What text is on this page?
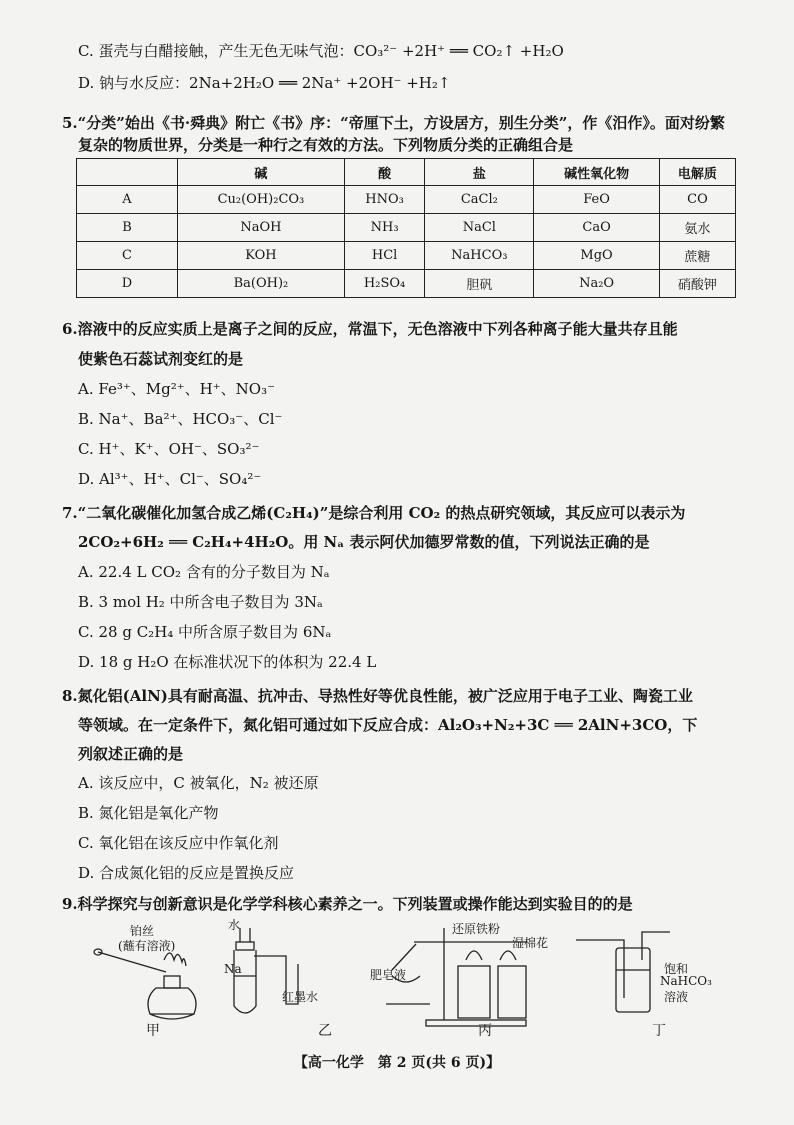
C. 蛋壳与白醋接触，产生无色无味气泡：CO₃²⁻ +2H⁺ ══ CO₂↑ +H₂O
D. 钠与水反应：2Na+2H₂O ══ 2Na⁺ +2OH⁻ +H₂↑
5.“分类”始出《书·舜典》附亡《书》序：“帝厘下土，方设居方，别生分类”，作《汨作》。面对纷繁
复杂的物质世界，分类是一种行之有效的方法。下列物质分类的正确组合是
	碱	酸	盐	碱性氧化物	电解质
A	Cu₂(OH)₂CO₃	HNO₃	CaCl₂	FeO	CO
B	NaOH	NH₃	NaCl	CaO	氨水
C	KOH	HCl	NaHCO₃	MgO	蔗糖
D	Ba(OH)₂	H₂SO₄	胆矾	Na₂O	硝酸钾
6.溶液中的反应实质上是离子之间的反应，常温下，无色溶液中下列各种离子能大量共存且能
使紫色石蕊试剂变红的是
A. Fe³⁺、Mg²⁺、H⁺、NO₃⁻
B. Na⁺、Ba²⁺、HCO₃⁻、Cl⁻
C. H⁺、K⁺、OH⁻、SO₃²⁻
D. Al³⁺、H⁺、Cl⁻、SO₄²⁻
7.“二氧化碳催化加氢合成乙烯(C₂H₄)”是综合利用 CO₂ 的热点研究领域，其反应可以表示为
2CO₂+6H₂ ══ C₂H₄+4H₂O。用 Nₐ 表示阿伏加德罗常数的值，下列说法正确的是
A. 22.4 L CO₂ 含有的分子数目为 Nₐ
B. 3 mol H₂ 中所含电子数目为 3Nₐ
C. 28 g C₂H₄ 中所含原子数目为 6Nₐ
D. 18 g H₂O 在标准状况下的体积为 22.4 L
8.氮化铝(AlN)具有耐高温、抗冲击、导热性好等优良性能，被广泛应用于电子工业、陶瓷工业
等领域。在一定条件下，氮化铝可通过如下反应合成：Al₂O₃+N₂+3C ══ 2AlN+3CO，下
列叙述正确的是
A. 该反应中，C 被氧化，N₂ 被还原
B. 氮化铝是氧化产物
C. 氧化铝在该反应中作氧化剂
D. 合成氮化铝的反应是置换反应
9.科学探究与创新意识是化学学科核心素养之一。下列装置或操作能达到实验目的的是
铂丝
(蘸有溶液)
水
Na
红墨水
还原铁粉
湿棉花
肥皂液	饱和
NaHCO₃
溶液
甲	乙	丙	丁
【高一化学　第 2 页(共 6 页)】
